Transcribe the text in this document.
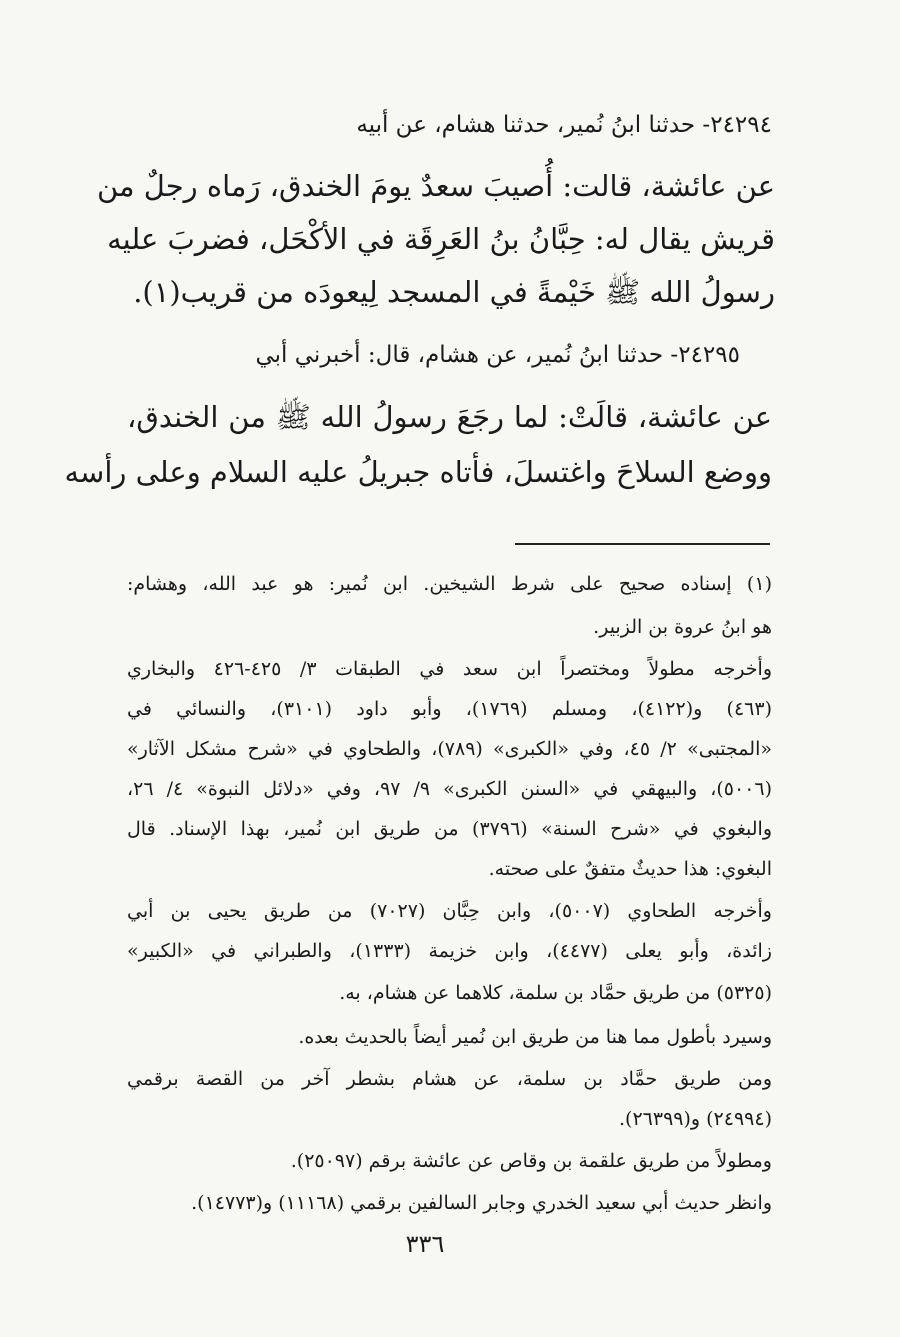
٢٤٢٩٤- حدثنا ابنُ نُمير، حدثنا هشام، عن أبيه
عن عائشة، قالت: أُصيبَ سعدٌ يومَ الخندق، رَماه رجلٌ من
قريش يقال له: حِبَّانُ بنُ العَرِقَة في الأكْحَل، فضربَ عليه
رسولُ الله ﷺ خَيْمةً في المسجد لِيعودَه من قريب(١).
٢٤٢٩٥- حدثنا ابنُ نُمير، عن هشام، قال: أخبرني أبي
عن عائشة، قالَتْ: لما رجَعَ رسولُ الله ﷺ من الخندق،
ووضع السلاحَ واغتسلَ، فأتاه جبريلُ عليه السلام وعلى رأسه
(١) إسناده صحيح على شرط الشيخين. ابن نُمير: هو عبد الله، وهشام:
هو ابنُ عروة بن الزبير.
وأخرجه مطولاً ومختصراً ابن سعد في الطبقات ٣/ ٤٢٥-٤٢٦ والبخاري
(٤٦٣) و(٤١٢٢)، ومسلم (١٧٦٩)، وأبو داود (٣١٠١)، والنسائي في
«المجتبى» ٢/ ٤٥، وفي «الكبرى» (٧٨٩)، والطحاوي في «شرح مشكل الآثار»
(٥٠٠٦)، والبيهقي في «السنن الكبرى» ٩/ ٩٧، وفي «دلائل النبوة» ٤/ ٢٦،
والبغوي في «شرح السنة» (٣٧٩٦) من طريق ابن نُمير، بهذا الإسناد. قال
البغوي: هذا حديثٌ متفقٌ على صحته.
وأخرجه الطحاوي (٥٠٠٧)، وابن حِبَّان (٧٠٢٧) من طريق يحيى بن أبي
زائدة، وأبو يعلى (٤٤٧٧)، وابن خزيمة (١٣٣٣)، والطبراني في «الكبير»
(٥٣٢٥) من طريق حمَّاد بن سلمة، كلاهما عن هشام، به.
وسيرد بأطول مما هنا من طريق ابن نُمير أيضاً بالحديث بعده.
ومن طريق حمَّاد بن سلمة، عن هشام بشطر آخر من القصة برقمي
(٢٤٩٩٤) و(٢٦٣٩٩).
ومطولاً من طريق علقمة بن وقاص عن عائشة برقم (٢٥٠٩٧).
وانظر حديث أبي سعيد الخدري وجابر السالفين برقمي (١١١٦٨) و(١٤٧٧٣).
٣٣٦
